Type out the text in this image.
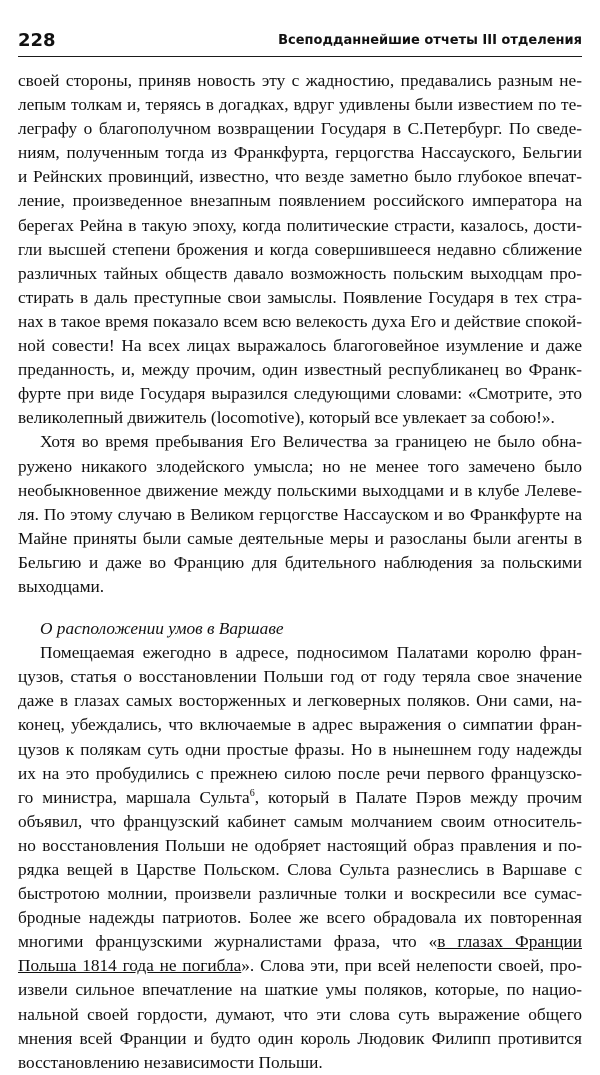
228	Всеподданнейшие отчеты III отделения
своей стороны, приняв новость эту с жадностию, предавались разным не-
лепым толкам и, теряясь в догадках, вдруг удивлены были известием по те-
леграфу о благополучном возвращении Государя в С.Петербург. По сведе-
ниям, полученным тогда из Франкфурта, герцогства Нассауского, Бельгии
и Рейнских провинций, известно, что везде заметно было глубокое впечат-
ление, произведенное внезапным появлением российского императора на
берегах Рейна в такую эпоху, когда политические страсти, казалось, дости-
гли высшей степени брожения и когда совершившееся недавно сближение
различных тайных обществ давало возможность польским выходцам про-
стирать в даль преступные свои замыслы. Появление Государя в тех стра-
нах в такое время показало всем всю велекость духа Его и действие спокой-
ной совести! На всех лицах выражалось благоговейное изумление и даже
преданность, и, между прочим, один известный республиканец во Франк-
фурте при виде Государя выразился следующими словами: «Смотрите, это
великолепный движитель (locomotive), который все увлекает за собою!».
Хотя во время пребывания Его Величества за границею не было обна-
ружено никакого злодейского умысла; но не менее того замечено было
необыкновенное движение между польскими выходцами и в клубе Лелеве-
ля. По этому случаю в Великом герцогстве Нассауском и во Франкфурте на
Майне приняты были самые деятельные меры и разосланы были агенты в
Бельгию и даже во Францию для бдительного наблюдения за польскими
выходцами.
О расположении умов в Варшаве
Помещаемая ежегодно в адресе, подносимом Палатами королю фран-
цузов, статья о восстановлении Польши год от году теряла свое значение
даже в глазах самых восторженных и легковерных поляков. Они сами, на-
конец, убеждались, что включаемые в адрес выражения о симпатии фран-
цузов к полякам суть одни простые фразы. Но в нынешнем году надежды
их на это пробудились с прежнею силою после речи первого французско-
го министра, маршала Сульта$^6$, который в Палате Пэров между прочим
объявил, что французский кабинет самым молчанием своим относитель-
но восстановления Польши не одобряет настоящий образ правления и по-
рядка вещей в Царстве Польском. Слова Сульта разнеслись в Варшаве с
быстротою молнии, произвели различные толки и воскресили все сумас-
бродные надежды патриотов. Более же всего обрадовала их повторенная
многими французскими журналистами фраза, что «в глазах Франции
Польша 1814 года не погибла». Слова эти, при всей нелепости своей, про-
извели сильное впечатление на шаткие умы поляков, которые, по нацио-
нальной своей гордости, думают, что эти слова суть выражение общего
мнения всей Франции и будто один король Людовик Филипп противится
восстановлению независимости Польши.
